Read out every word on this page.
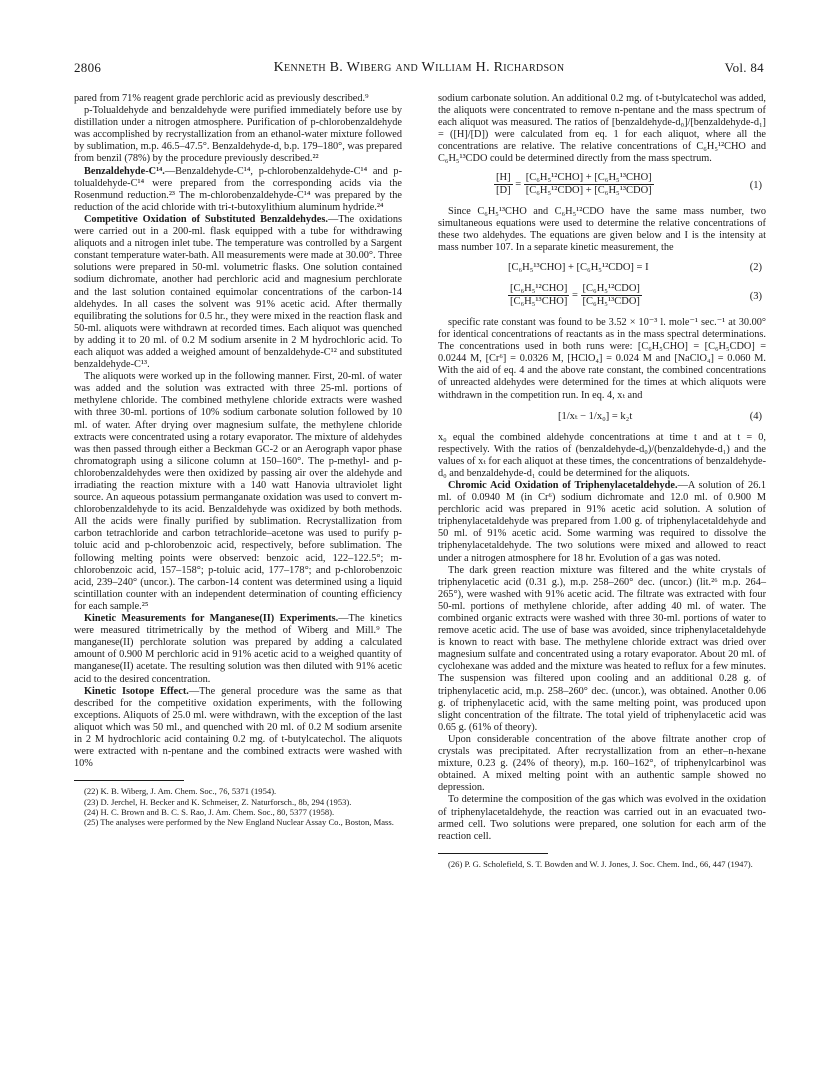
2806	Kenneth B. Wiberg and William H. Richardson	Vol. 84

pared from 71% reagent grade perchloric acid as previously described.⁹

p-Tolualdehyde and benzaldehyde were purified immediately before use by distillation under a nitrogen atmosphere. Purification of p-chlorobenzaldehyde was accomplished by recrystallization from an ethanol-water mixture followed by sublimation, m.p. 46.5–47.5°. Benzaldehyde-d, b.p. 179–180°, was prepared from benzil (78%) by the procedure previously described.²²

Benzaldehyde-C¹⁴.—Benzaldehyde-C¹⁴, p-chlorobenzaldehyde-C¹⁴ and p-tolualdehyde-C¹⁴ were prepared from the corresponding acids via the Rosenmund reduction.²³ The m-chlorobenzaldehyde-C¹⁴ was prepared by the reduction of the acid chloride with tri-t-butoxylithium aluminum hydride.²⁴

Competitive Oxidation of Substituted Benzaldehydes.—The oxidations were carried out in a 200-ml. flask equipped with a tube for withdrawing aliquots and a nitrogen inlet tube. The temperature was controlled by a Sargent constant temperature water-bath. All measurements were made at 30.00°. Three solutions were prepared in 50-ml. volumetric flasks. One solution contained sodium dichromate, another had perchloric acid and magnesium perchlorate and the last solution contained equimolar concentrations of the carbon-14 aldehydes. In all cases the solvent was 91% acetic acid. After thermally equilibrating the solutions for 0.5 hr., they were mixed in the reaction flask and 50-ml. aliquots were withdrawn at recorded times. Each aliquot was quenched by adding it to 20 ml. of 0.2 M sodium arsenite in 2 M hydrochloric acid. To each aliquot was added a weighed amount of benzaldehyde-C¹² and substituted benzaldehyde-C¹³.

The aliquots were worked up in the following manner. First, 20-ml. of water was added and the solution was extracted with three 25-ml. portions of methylene chloride. The combined methylene chloride extracts were washed with three 30-ml. portions of 10% sodium carbonate solution followed by 10 ml. of water. After drying over magnesium sulfate, the methylene chloride extracts were concentrated using a rotary evaporator. The mixture of aldehydes was then passed through either a Beckman GC-2 or an Aerograph vapor phase chromatograph using a silicone column at 150–160°. The p-methyl- and p-chlorobenzaldehydes were then oxidized by passing air over the aldehyde and irradiating the reaction mixture with a 140 watt Hanovia ultraviolet light source. An aqueous potassium permanganate oxidation was used to convert m-chlorobenzaldehyde to its acid. Benzaldehyde was oxidized by both methods. All the acids were finally purified by sublimation. Recrystallization from carbon tetrachloride and carbon tetrachloride–acetone was used to purify p-toluic acid and p-chlorobenzoic acid, respectively, before sublimation. The following melting points were observed: benzoic acid, 122–122.5°; m-chlorobenzoic acid, 157–158°; p-toluic acid, 177–178°; and p-chlorobenzoic acid, 239–240° (uncor.). The carbon-14 content was determined using a liquid scintillation counter with an independent determination of counting efficiency for each sample.²⁵

Kinetic Measurements for Manganese(II) Experiments.—The kinetics were measured titrimetrically by the method of Wiberg and Mill.⁹ The manganese(II) perchlorate solution was prepared by adding a calculated amount of 0.900 M perchloric acid in 91% acetic acid to a weighed quantity of manganese(II) acetate. The resulting solution was then diluted with 91% acetic acid to the desired concentration.

Kinetic Isotope Effect.—The general procedure was the same as that described for the competitive oxidation experiments, with the following exceptions. Aliquots of 25.0 ml. were withdrawn, with the exception of the last aliquot which was 50 ml., and quenched with 20 ml. of 0.2 M sodium arsenite in 2 M hydrochloric acid containing 0.2 mg. of t-butylcatechol. The aliquots were extracted with n-pentane and the combined extracts were washed with 10%

(22) K. B. Wiberg, J. Am. Chem. Soc., 76, 5371 (1954).

(23) D. Jerchel, H. Becker and K. Schmeiser, Z. Naturforsch., 8b, 294 (1953).

(24) H. C. Brown and B. C. S. Rao, J. Am. Chem. Soc., 80, 5377 (1958).

(25) The analyses were performed by the New England Nuclear Assay Co., Boston, Mass.

sodium carbonate solution. An additional 0.2 mg. of t-butylcatechol was added, the aliquots were concentrated to remove n-pentane and the mass spectrum of each aliquot was measured. The ratios of [benzaldehyde-d₀]/[benzaldehyde-d₁] = ([H]/[D]) were calculated from eq. 1 for each aliquot, where all the concentrations are relative. The relative concentrations of C₆H₅¹²CHO and C₆H₅¹³CDO could be determined directly from the mass spectrum.

$\frac{[H]}{[D]} = \frac{\text{[C₆H₅¹²CHO] + [C₆H₅¹³CHO]}}{\text{[C₆H₅¹²CDO] + [C₆H₅¹³CDO]}}$	(1)

Since C₆H₅¹³CHO and C₆H₅¹²CDO have the same mass number, two simultaneous equations were used to determine the relative concentrations of these two aldehydes. The equations are given below and I is the intensity at mass number 107. In a separate kinetic measurement, the

[C₆H₅¹³CHO] + [C₆H₅¹²CDO] = I	(2)
$\frac{\text{[C₆H₅¹²CHO]}}{\text{[C₆H₅¹³CHO]}} = \frac{\text{[C₆H₅¹²CDO]}}{\text{[C₆H₅¹³CDO]}}$	(3)

specific rate constant was found to be 3.52 × 10⁻³ l. mole⁻¹ sec.⁻¹ at 30.00° for identical concentrations of reactants as in the mass spectral determinations. The concentrations used in both runs were: [C₆H₅CHO] = [C₆H₅CDO] = 0.0244 M, [Cr⁶] = 0.0326 M, [HClO₄] = 0.024 M and [NaClO₄] = 0.060 M. With the aid of eq. 4 and the above rate constant, the combined concentrations of unreacted aldehydes were determined for the times at which aliquots were withdrawn in the competition run. In eq. 4, xₜ and

[1/xₜ − 1/x₀] = k₂t	(4)

x₀ equal the combined aldehyde concentrations at time t and at t = 0, respectively. With the ratios of (benzaldehyde-d₀)/(benzaldehyde-d₁) and the values of xₜ for each aliquot at these times, the concentrations of benzaldehyde-d₀ and benzaldehyde-d₁ could be determined for the aliquots.

Chromic Acid Oxidation of Triphenylacetaldehyde.—A solution of 26.1 ml. of 0.0940 M (in Cr⁶) sodium dichromate and 12.0 ml. of 0.900 M perchloric acid was prepared in 91% acetic acid solution. A solution of triphenylacetaldehyde was prepared from 1.00 g. of triphenylacetaldehyde and 50 ml. of 91% acetic acid. Some warming was required to dissolve the triphenylacetaldehyde. The two solutions were mixed and allowed to react under a nitrogen atmosphere for 18 hr. Evolution of a gas was noted.

The dark green reaction mixture was filtered and the white crystals of triphenylacetic acid (0.31 g.), m.p. 258–260° dec. (uncor.) (lit.²⁶ m.p. 264–265°), were washed with 91% acetic acid. The filtrate was extracted with four 50-ml. portions of methylene chloride, after adding 40 ml. of water. The combined organic extracts were washed with three 30-ml. portions of water to remove acetic acid. The use of base was avoided, since triphenylacetaldehyde is known to react with base. The methylene chloride extract was dried over magnesium sulfate and concentrated using a rotary evaporator. About 20 ml. of cyclohexane was added and the mixture was heated to reflux for a few minutes. The suspension was filtered upon cooling and an additional 0.28 g. of triphenylacetic acid, m.p. 258–260° dec. (uncor.), was obtained. Another 0.06 g. of triphenylacetic acid, with the same melting point, was produced upon slight concentration of the filtrate. The total yield of triphenylacetic acid was 0.65 g. (61% of theory).

Upon considerable concentration of the above filtrate another crop of crystals was precipitated. After recrystallization from an ether–n-hexane mixture, 0.23 g. (24% of theory), m.p. 160–162°, of triphenylcarbinol was obtained. A mixed melting point with an authentic sample showed no depression.

To determine the composition of the gas which was evolved in the oxidation of triphenylacetaldehyde, the reaction was carried out in an evacuated two-armed cell. Two solutions were prepared, one solution for each arm of the reaction cell.

(26) P. G. Scholefield, S. T. Bowden and W. J. Jones, J. Soc. Chem. Ind., 66, 447 (1947).
